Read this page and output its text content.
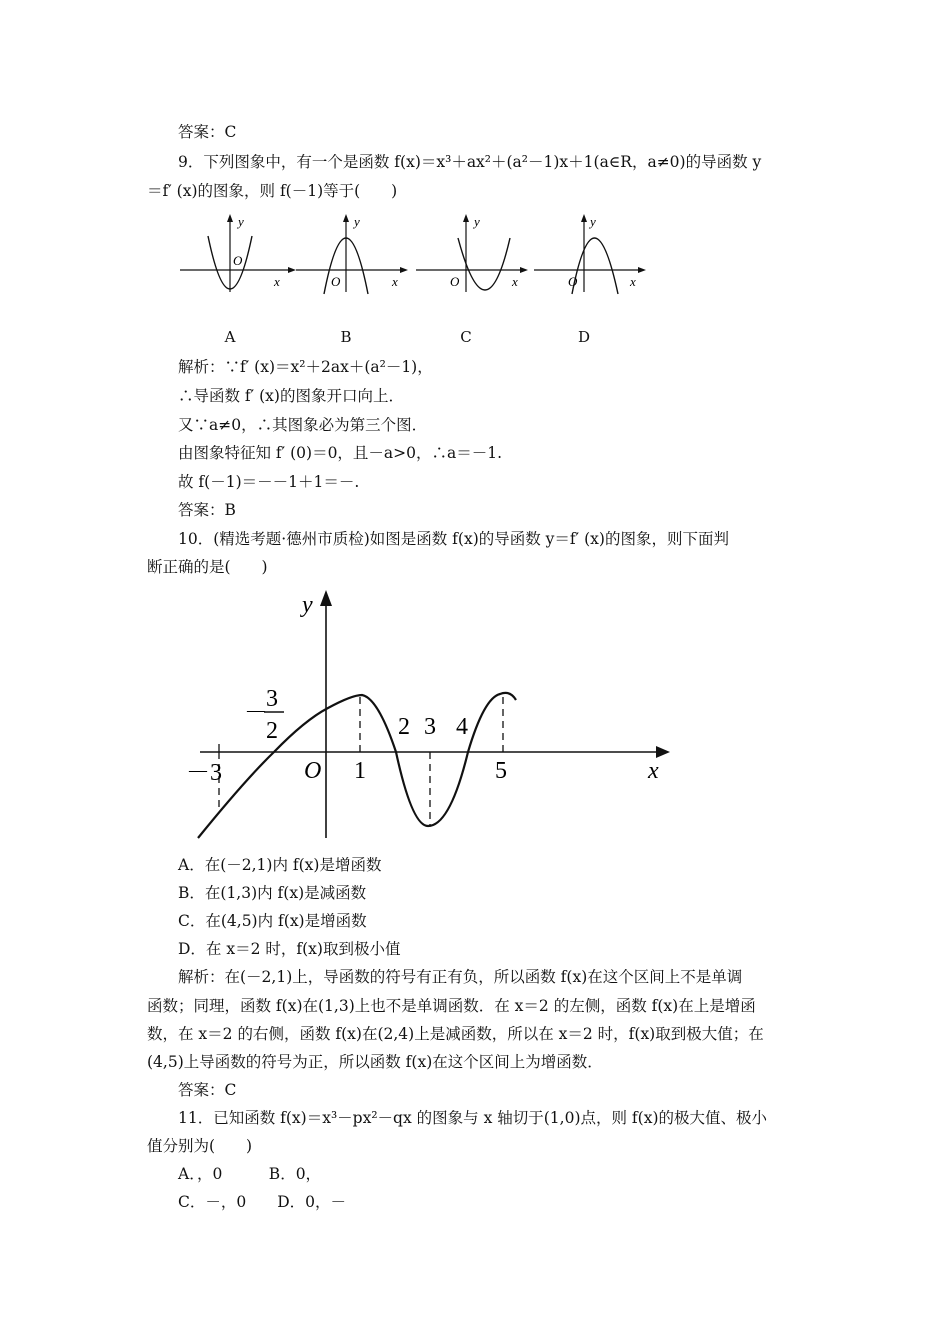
答案：C
9．下列图象中，有一个是函数 f(x)＝x³＋ax²＋(a²－1)x＋1(a∈R，a≠0)的导函数 y
＝f′ (x)的图象，则 f(－1)等于(　　)
y
O
x
A
y
O	x
B
y
O	x
C
y
O	x
D
解析：∵f′ (x)＝x²＋2ax＋(a²－1)，
∴导函数 f′ (x)的图象开口向上．
又∵a≠0，∴其图象必为第三个图．
由图象特征知 f′ (0)＝0，且－a>0，∴a＝－1.
故 f(－1)＝－－1＋1＝－.
答案：B
10．(精选考题·德州市质检)如图是函数 f(x)的导函数 y＝f′ (x)的图象，则下面判
断正确的是(　　)
y
x
O
－
3
2
－3	1
2 3 4
5
A．在(－2,1)内 f(x)是增函数
B．在(1,3)内 f(x)是减函数
C．在(4,5)内 f(x)是增函数
D．在 x＝2 时，f(x)取到极小值
解析：在(－2,1)上，导函数的符号有正有负，所以函数 f(x)在这个区间上不是单调
函数；同理，函数 f(x)在(1,3)上也不是单调函数．在 x＝2 的左侧，函数 f(x)在上是增函
数，在 x＝2 的右侧，函数 f(x)在(2,4)上是减函数，所以在 x＝2 时，f(x)取到极大值；在
(4,5)上导函数的符号为正，所以函数 f(x)在这个区间上为增函数．
答案：C
11．已知函数 f(x)＝x³－px²－qx 的图象与 x 轴切于(1,0)点，则 f(x)的极大值、极小
值分别为(　　)
A．，0　　　B．0，
C．－，0　　D．0，－
